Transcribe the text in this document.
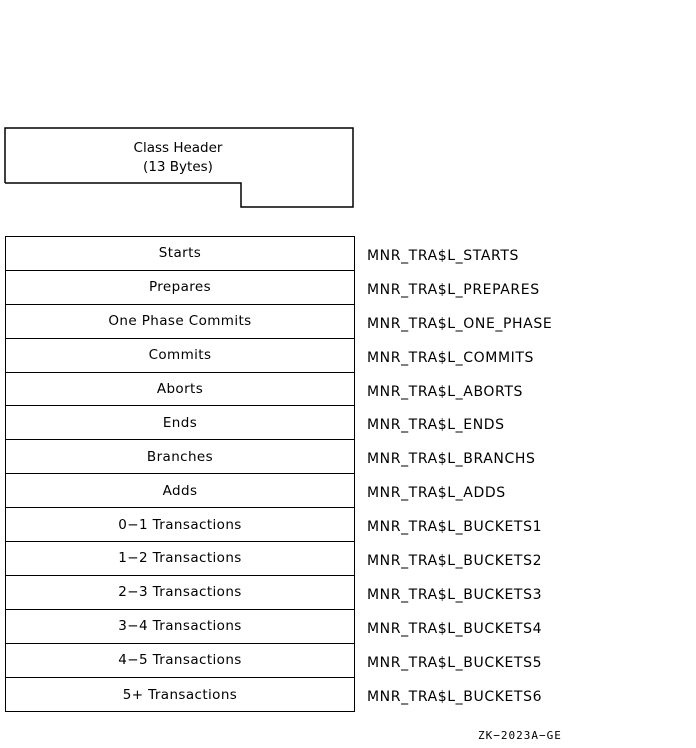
Class Header
(13 Bytes)
Starts
Prepares
One Phase Commits
Commits
Aborts
Ends
Branches
Adds
0−1 Transactions
1−2 Transactions
2−3 Transactions
3−4 Transactions
4−5 Transactions
5+ Transactions
MNR_TRA$L_STARTS
MNR_TRA$L_PREPARES
MNR_TRA$L_ONE_PHASE
MNR_TRA$L_COMMITS
MNR_TRA$L_ABORTS
MNR_TRA$L_ENDS
MNR_TRA$L_BRANCHS
MNR_TRA$L_ADDS
MNR_TRA$L_BUCKETS1
MNR_TRA$L_BUCKETS2
MNR_TRA$L_BUCKETS3
MNR_TRA$L_BUCKETS4
MNR_TRA$L_BUCKETS5
MNR_TRA$L_BUCKETS6
ZK−2023A−GE
